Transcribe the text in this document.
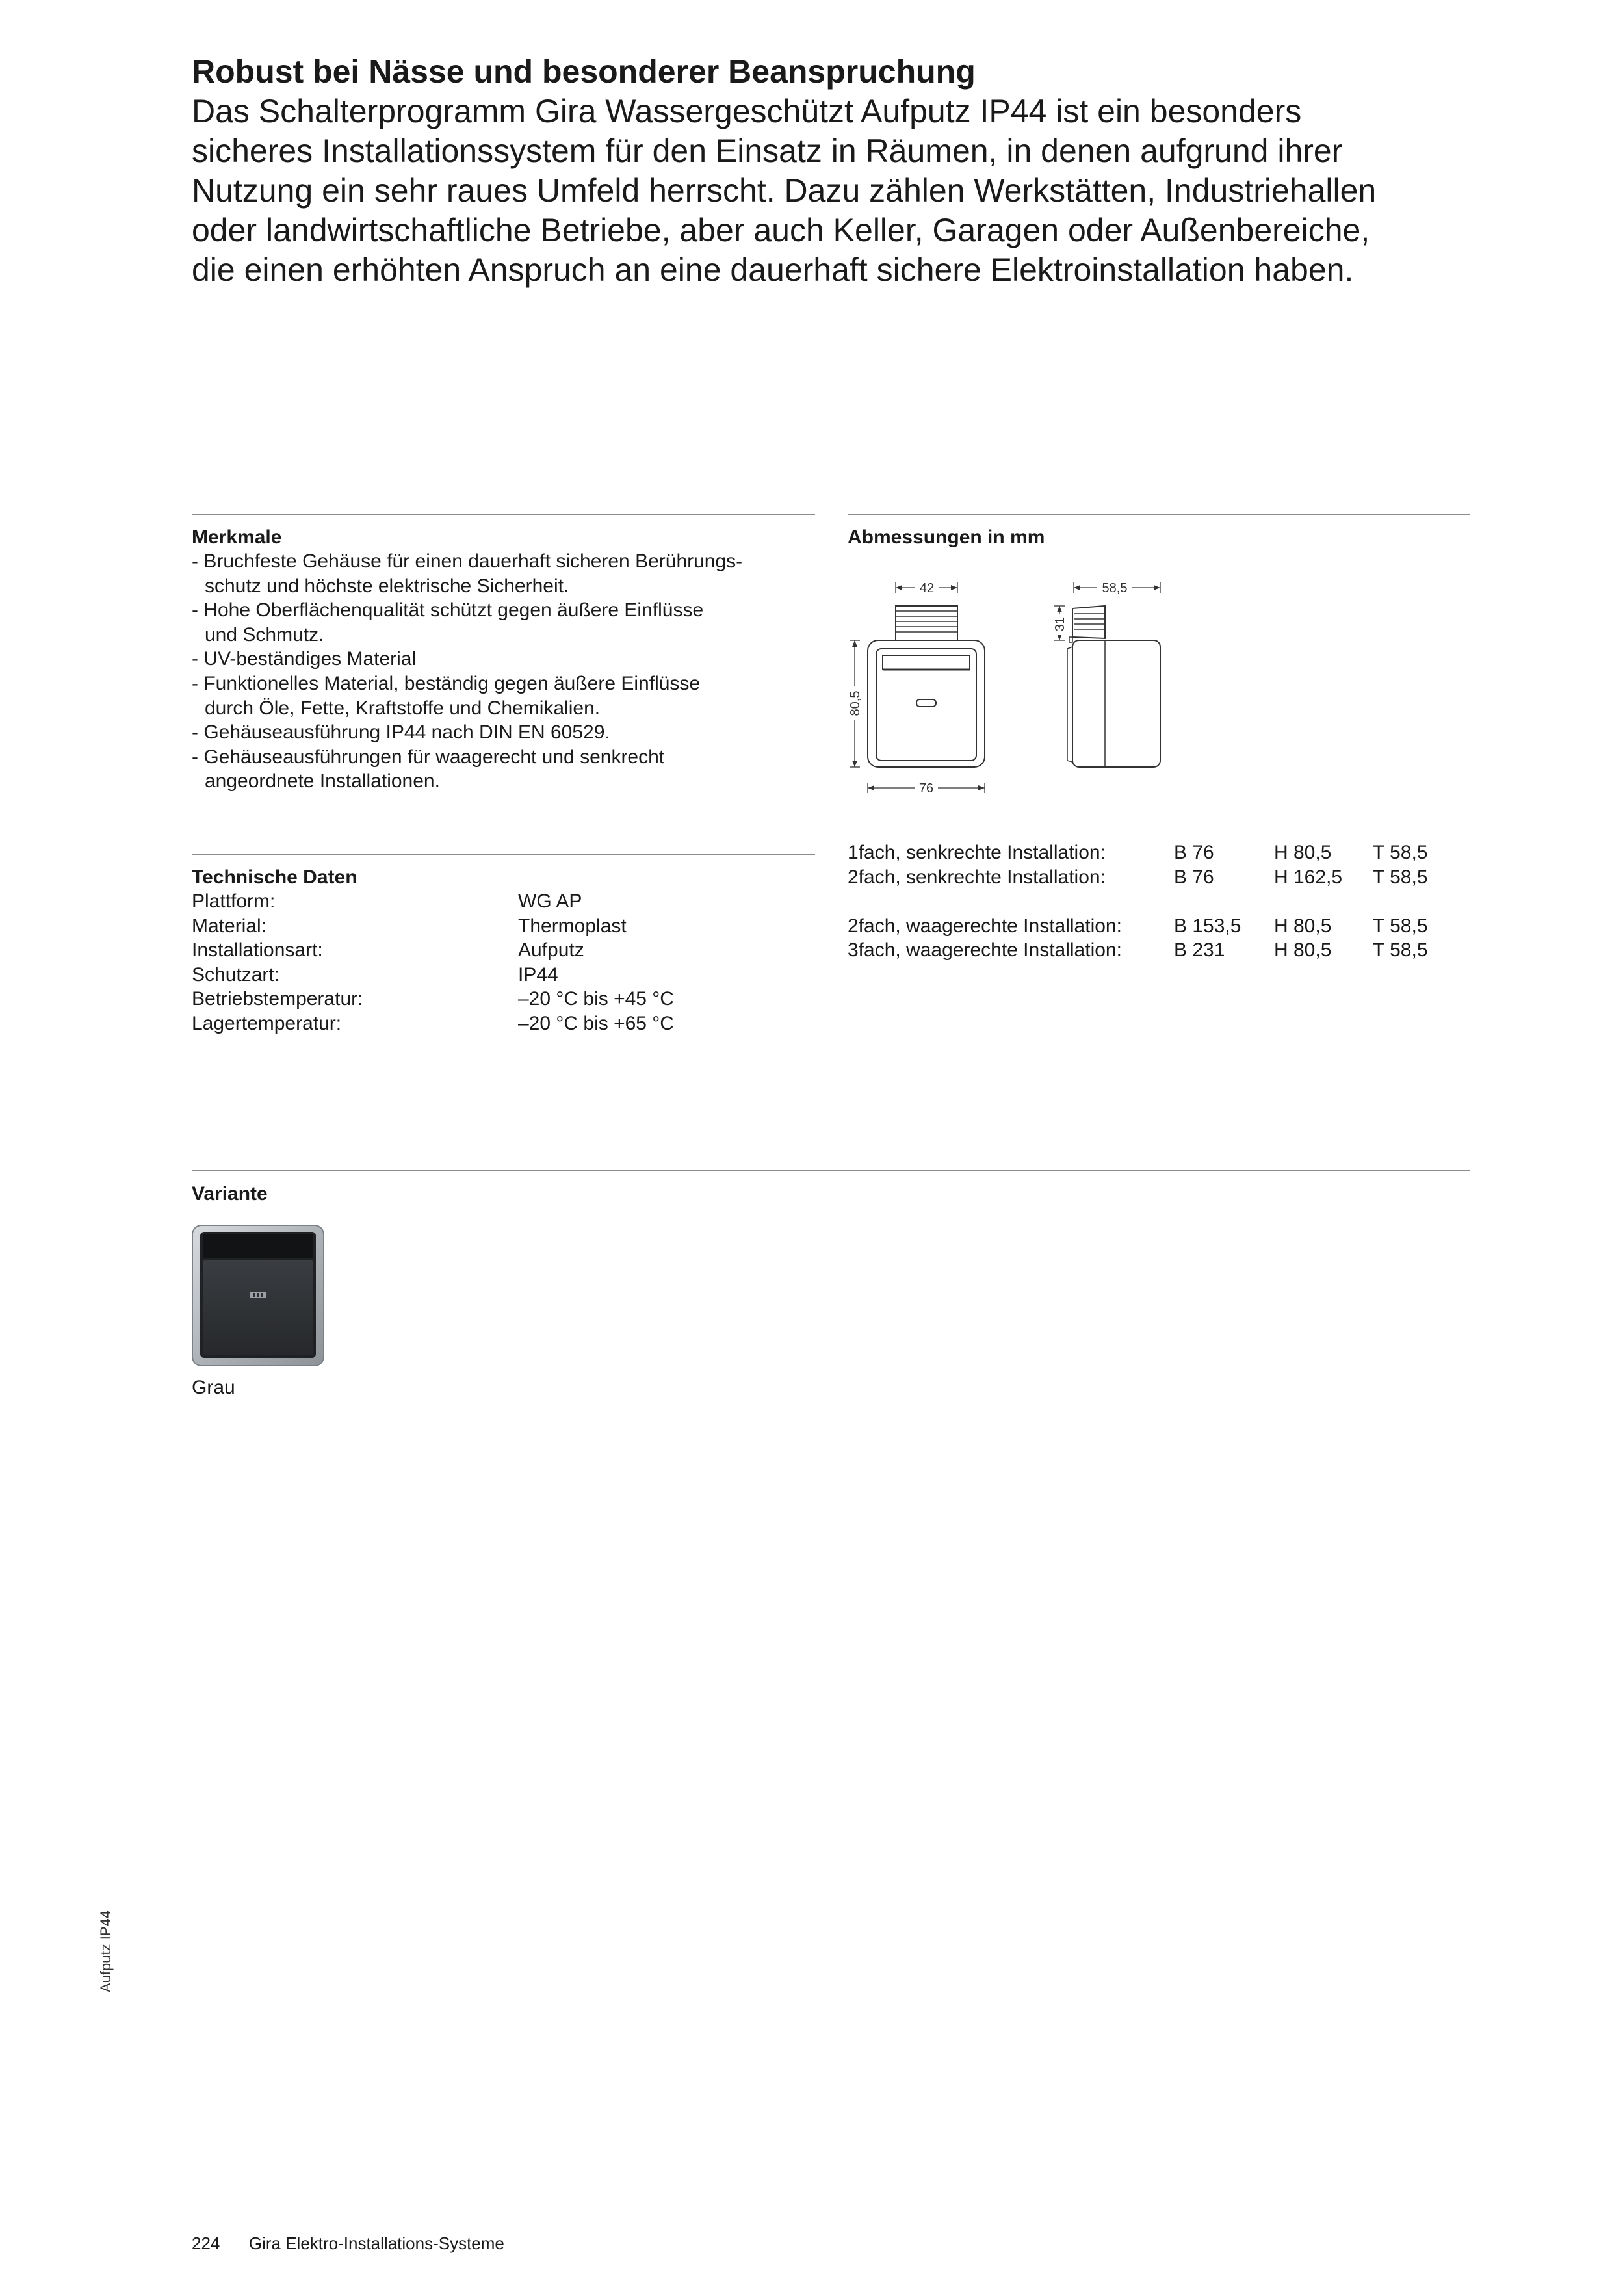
Robust bei Nässe und besonderer Beanspruchung
Das Schalterprogramm Gira Wassergeschützt Aufputz IP44 ist ein besonders
sicheres Installationssystem für den Einsatz in Räumen, in denen aufgrund ihrer
Nutzung ein sehr raues Umfeld herrscht. Dazu zählen Werkstätten, Industriehallen
oder landwirtschaftliche Betriebe, aber auch Keller, Garagen oder Außenbereiche,
die einen erhöhten Anspruch an eine dauerhaft sichere Elektroinstallation haben.
Merkmale
- Bruchfeste Gehäuse für einen dauerhaft sicheren Berührungs-
schutz und höchste elektrische Sicherheit.
- Hohe Oberflächenqualität schützt gegen äußere Einflüsse
und Schmutz.
- UV-beständiges Material
- Funktionelles Material, beständig gegen äußere Einflüsse
durch Öle, Fette, Kraftstoffe und Chemikalien.
- Gehäuseausführung IP44 nach DIN EN 60529.
- Gehäuseausführungen für waagerecht und senkrecht
angeordnete Installationen.
Abmessungen in mm
42
80,5
76
58,5
31
1fach, senkrechte Installation:	B 76	H 80,5	T 58,5
2fach, senkrechte Installation:	B 76	H 162,5	T 58,5

2fach, waagerechte Installation:	B 153,5	H 80,5	T 58,5
3fach, waagerechte Installation:	B 231	H 80,5	T 58,5
Technische Daten
Plattform:	WG AP
Material:	Thermoplast
Installationsart:	Aufputz
Schutzart:	IP44
Betriebstemperatur:	–20 °C bis +45 °C
Lagertemperatur:	–20 °C bis +65 °C
Variante
Grau
Aufputz IP44
224 Gira Elektro-Installations-Systeme
